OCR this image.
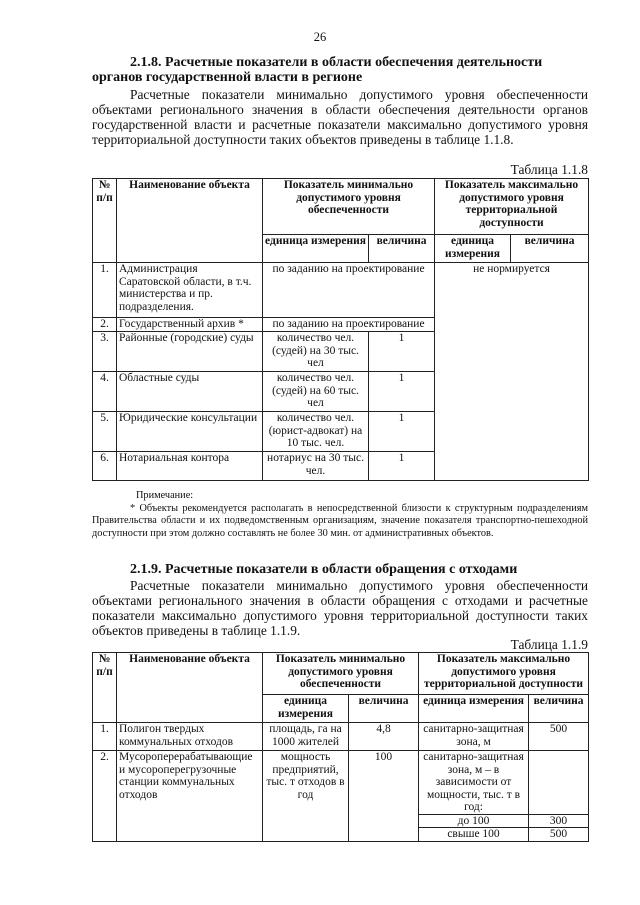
26
2.1.8. Расчетные показатели в области обеспечения деятельности органов государственной власти в регионе
Расчетные показатели минимально допустимого уровня обеспеченности объектами регионального значения в области обеспечения деятельности органов государственной власти и расчетные показатели максимально допустимого уровня территориальной доступности таких объектов приведены в таблице 1.1.8.
Таблица 1.1.8
№ п/п	Наименование объекта	Показатель минимально допустимого уровня обеспеченности		Показатель максимально допустимого уровня территориальной доступности	
		единица измерения	величина	единица измерения	величина
1.	Администрация Саратовской области, в т.ч. министерства и пр. подразделения.	по заданию на проектирование		не нормируется	
2.	Государственный архив *	по заданию на проектирование			
3.	Районные (городские) суды	количество чел. (судей) на 30 тыс. чел	1		
4.	Областные суды	количество чел. (судей) на 60 тыс. чел	1		
5.	Юридические консультации	количество чел. (юрист-адвокат) на 10 тыс. чел.	1		
6.	Нотариальная контора	нотариус на 30 тыс. чел.	1		
Примечание:
* Объекты рекомендуется располагать в непосредственной близости к структурным подразделениям Правительства области и их подведомственным организациям, значение показателя транспортно-пешеходной доступности при этом должно составлять не более 30 мин. от административных объектов.
2.1.9. Расчетные показатели в области обращения с отходами
Расчетные показатели минимально допустимого уровня обеспеченности объектами регионального значения в области обращения с отходами и расчетные показатели максимально допустимого уровня территориальной доступности таких объектов приведены в таблице 1.1.9.
Таблица 1.1.9
№ п/п	Наименование объекта	Показатель минимально допустимого уровня обеспеченности		Показатель максимально допустимого уровня территориальной доступности	
		единица измерения	величина	единица измерения	величина
1.	Полигон твердых коммунальных отходов	площадь, га на 1000 жителей	4,8	санитарно-защитная зона, м	500
2.	Мусороперерабатывающие и мусороперегрузочные станции коммунальных отходов	мощность предприятий, тыс. т отходов в год	100	санитарно-защитная зона, м – в зависимости от мощности, тыс. т в год:	
				до 100	300
				свыше 100	500
